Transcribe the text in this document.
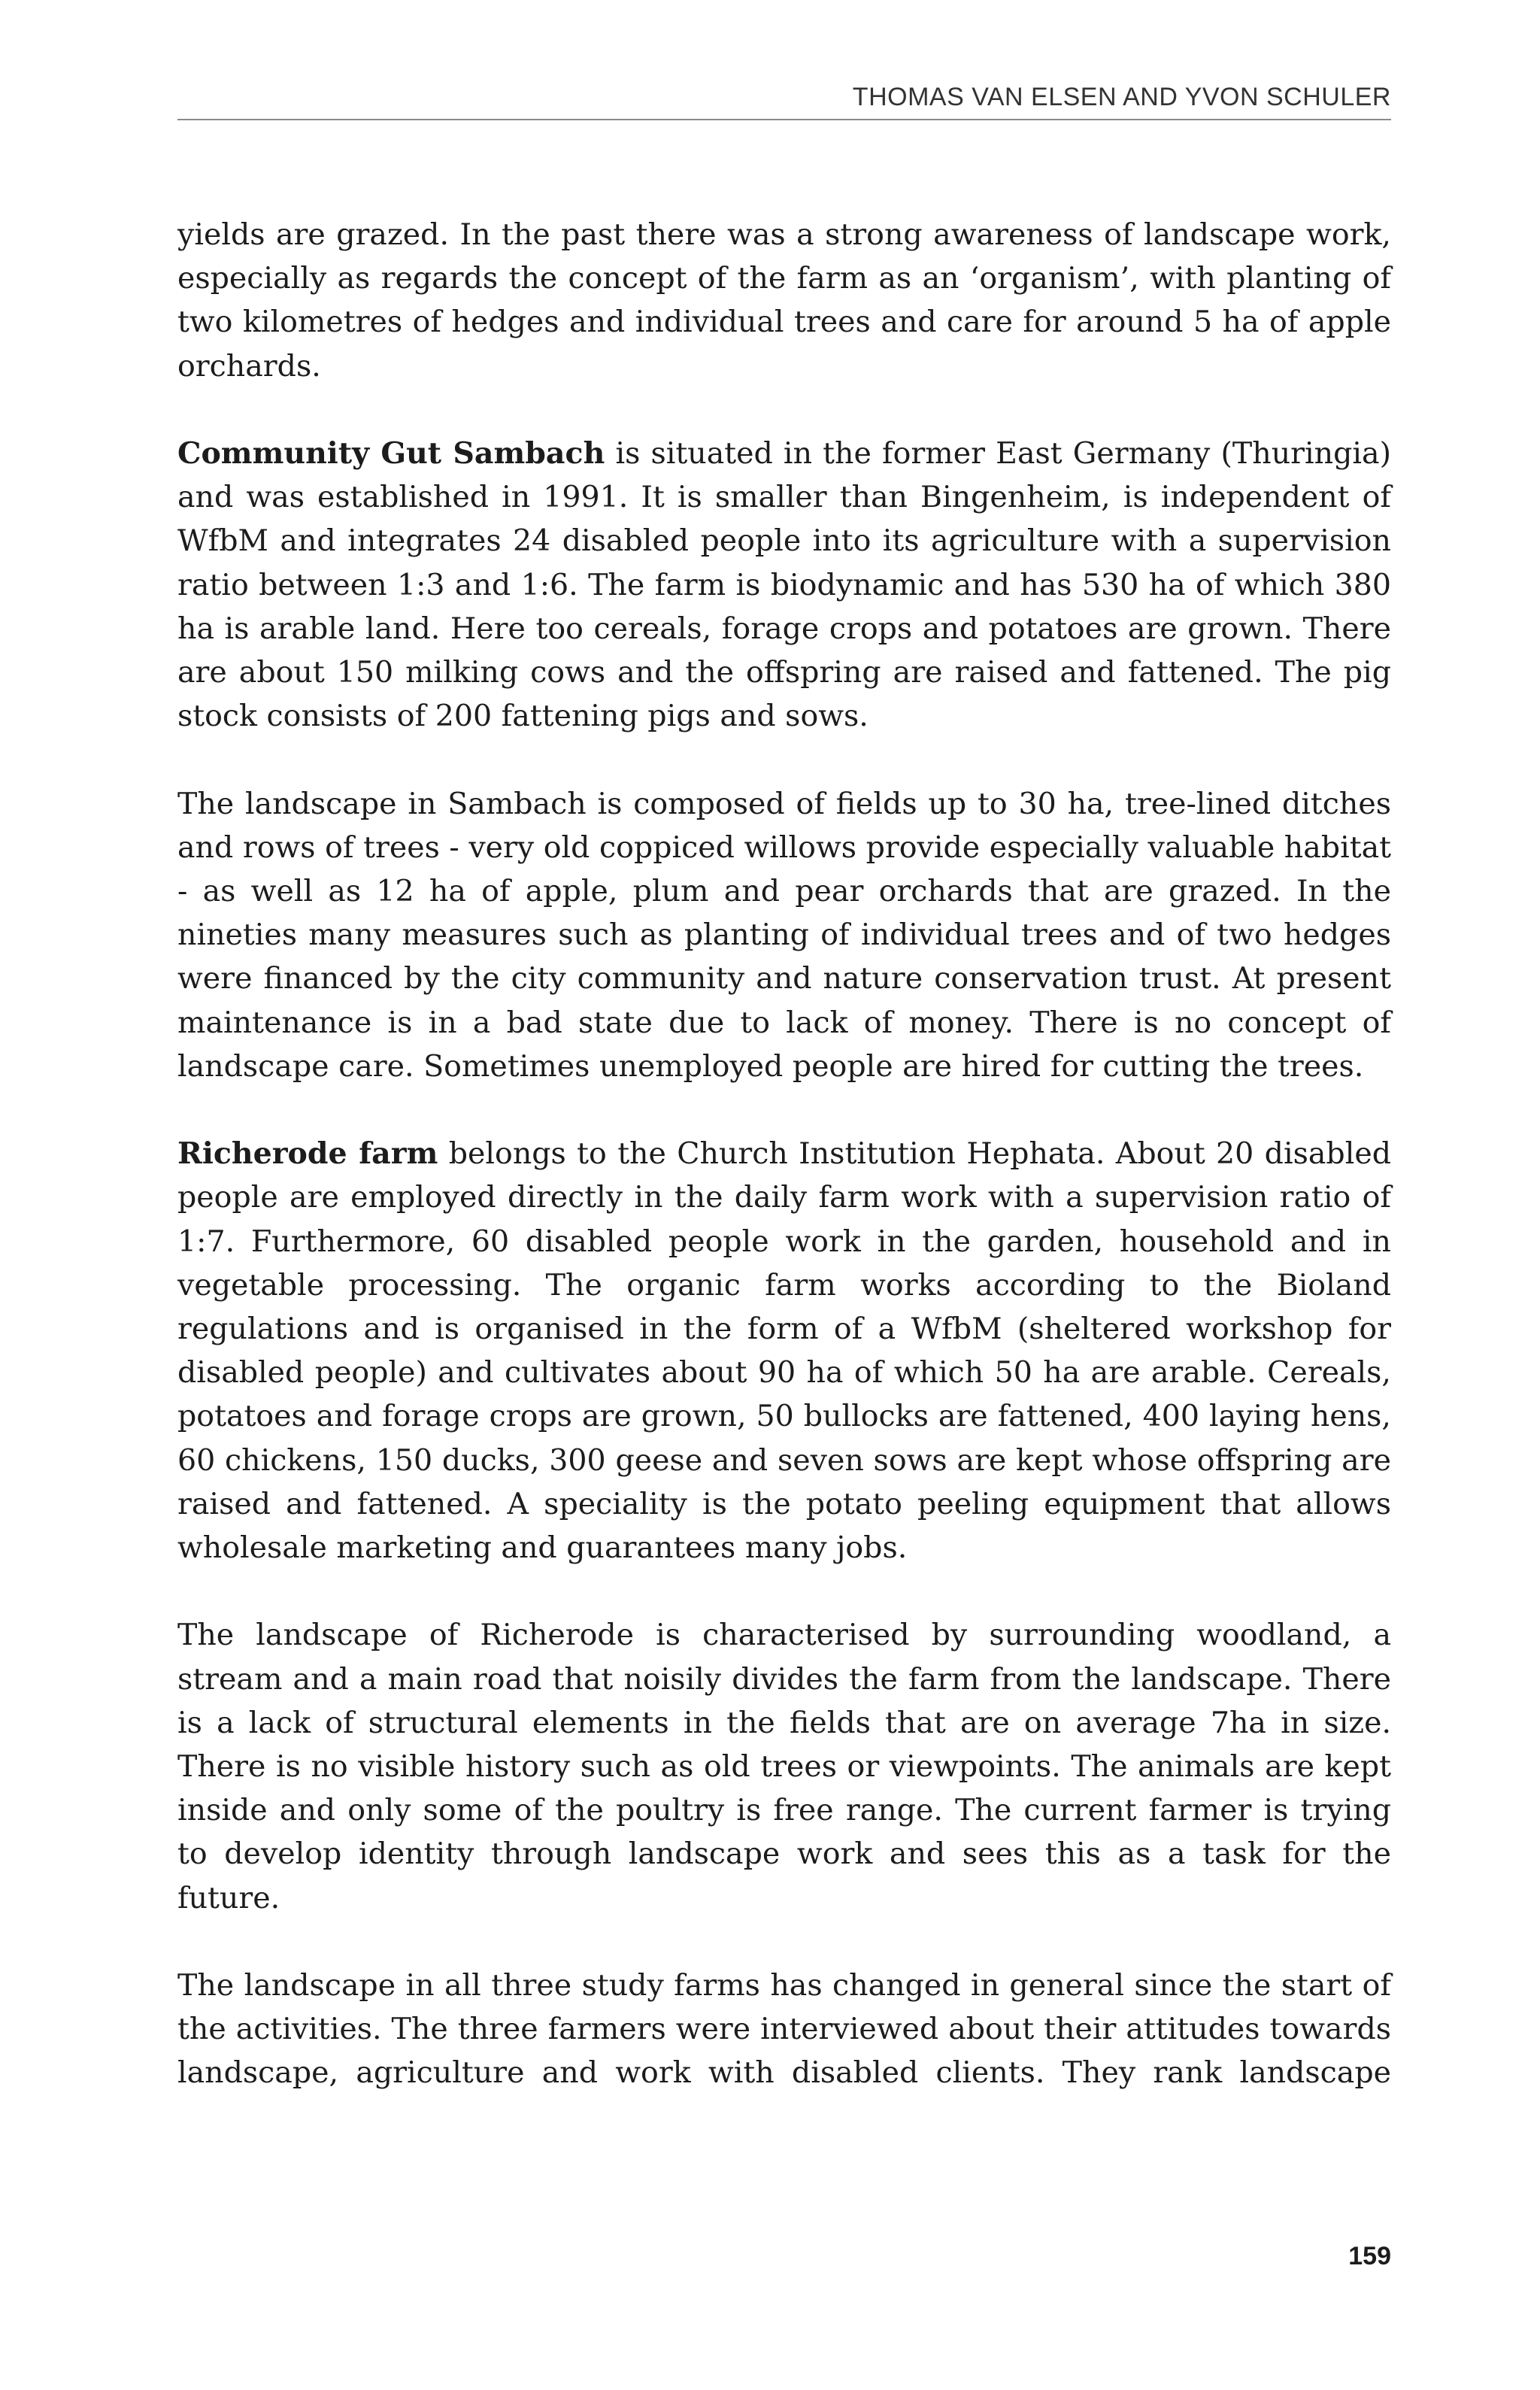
THOMAS VAN ELSEN AND YVON SCHULER

yields are grazed. In the past there was a strong awareness of landscape work, especially as regards the concept of the farm as an ‘organism’, with planting of two kilometres of hedges and individual trees and care for around 5 ha of apple orchards.

Community Gut Sambach is situated in the former East Germany (Thuringia) and was established in 1991. It is smaller than Bingenheim, is independent of WfbM and integrates 24 disabled people into its agriculture with a supervision ratio between 1:3 and 1:6. The farm is biodynamic and has 530 ha of which 380 ha is arable land. Here too cereals, forage crops and potatoes are grown. There are about 150 milking cows and the offspring are raised and fattened. The pig stock consists of 200 fattening pigs and sows.

The landscape in Sambach is composed of fields up to 30 ha, tree-lined ditches and rows of trees - very old coppiced willows provide especially valuable habitat - as well as 12 ha of apple, plum and pear orchards that are grazed. In the nineties many measures such as planting of individual trees and of two hedges were financed by the city community and nature conservation trust. At present maintenance is in a bad state due to lack of money. There is no concept of landscape care. Sometimes unemployed people are hired for cutting the trees.

Richerode farm belongs to the Church Institution Hephata. About 20 disabled people are employed directly in the daily farm work with a supervision ratio of 1:7. Furthermore, 60 disabled people work in the garden, household and in vegetable processing. The organic farm works according to the Bioland regulations and is organised in the form of a WfbM (sheltered workshop for disabled people) and cultivates about 90 ha of which 50 ha are arable. Cereals, potatoes and forage crops are grown, 50 bullocks are fattened, 400 laying hens, 60 chickens, 150 ducks, 300 geese and seven sows are kept whose offspring are raised and fattened. A speciality is the potato peeling equipment that allows wholesale marketing and guarantees many jobs.

The landscape of Richerode is characterised by surrounding woodland, a stream and a main road that noisily divides the farm from the landscape. There is a lack of structural elements in the fields that are on average 7ha in size. There is no visible history such as old trees or viewpoints. The animals are kept inside and only some of the poultry is free range. The current farmer is trying to develop identity through landscape work and sees this as a task for the future.

The landscape in all three study farms has changed in general since the start of the activities. The three farmers were interviewed about their attitudes towards landscape, agriculture and work with disabled clients. They rank landscape

159
